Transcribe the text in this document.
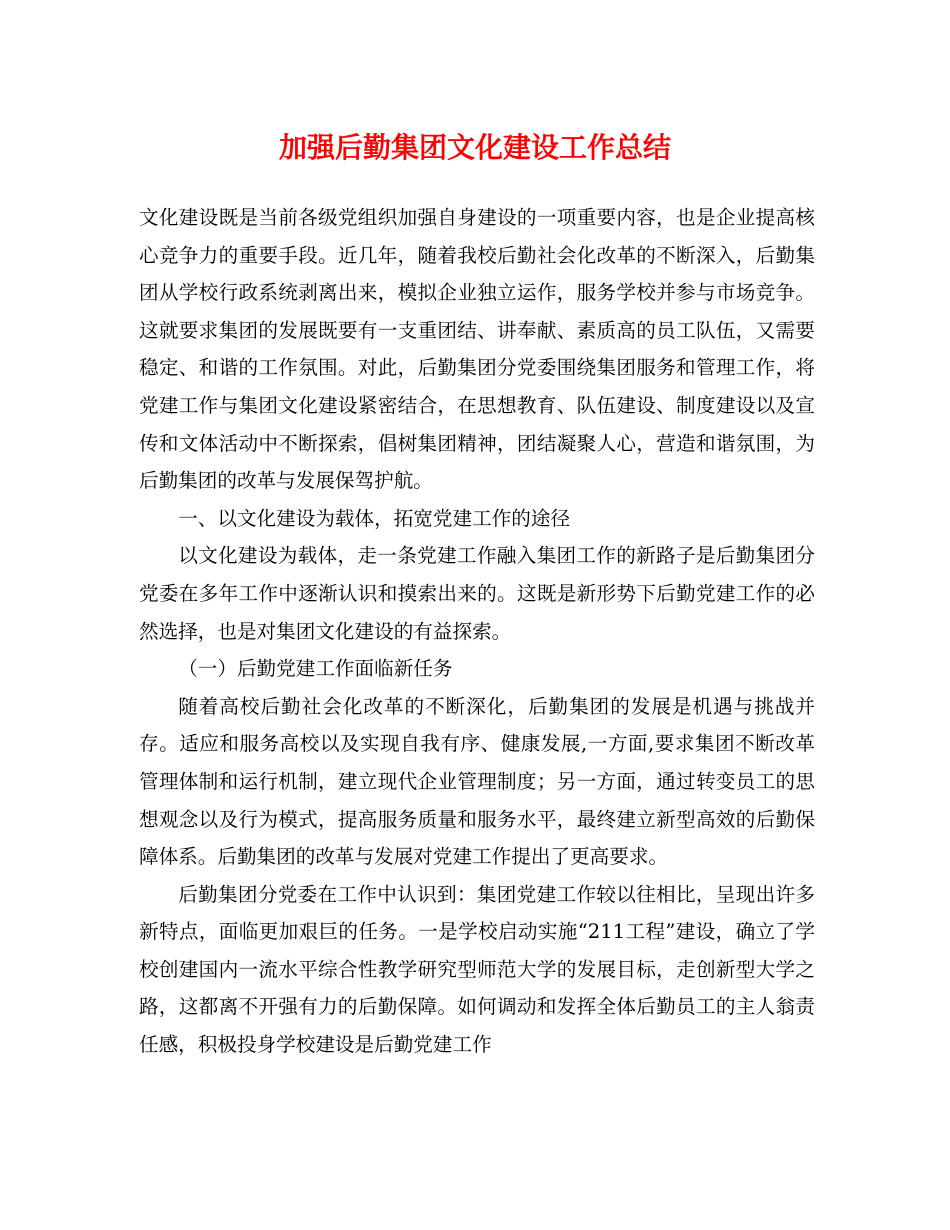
加强后勤集团文化建设工作总结

文化建设既是当前各级党组织加强自身建设的一项重要内容，也是企业提高核心竞争力的重要手段。近几年，随着我校后勤社会化改革的不断深入，后勤集团从学校行政系统剥离出来，模拟企业独立运作，服务学校并参与市场竞争。这就要求集团的发展既要有一支重团结、讲奉献、素质高的员工队伍，又需要稳定、和谐的工作氛围。对此，后勤集团分党委围绕集团服务和管理工作，将党建工作与集团文化建设紧密结合，在思想教育、队伍建设、制度建设以及宣传和文体活动中不断探索，倡树集团精神，团结凝聚人心，营造和谐氛围，为后勤集团的改革与发展保驾护航。

一、以文化建设为载体，拓宽党建工作的途径

以文化建设为载体，走一条党建工作融入集团工作的新路子是后勤集团分党委在多年工作中逐渐认识和摸索出来的。这既是新形势下后勤党建工作的必然选择，也是对集团文化建设的有益探索。

（一）后勤党建工作面临新任务

随着高校后勤社会化改革的不断深化，后勤集团的发展是机遇与挑战并存。适应和服务高校以及实现自我有序、健康发展,一方面,要求集团不断改革管理体制和运行机制，建立现代企业管理制度；另一方面，通过转变员工的思想观念以及行为模式，提高服务质量和服务水平，最终建立新型高效的后勤保障体系。后勤集团的改革与发展对党建工作提出了更高要求。

后勤集团分党委在工作中认识到：集团党建工作较以往相比，呈现出许多新特点，面临更加艰巨的任务。一是学校启动实施“211工程”建设，确立了学校创建国内一流水平综合性教学研究型师范大学的发展目标，走创新型大学之路，这都离不开强有力的后勤保障。如何调动和发挥全体后勤员工的主人翁责任感，积极投身学校建设是后勤党建工作
